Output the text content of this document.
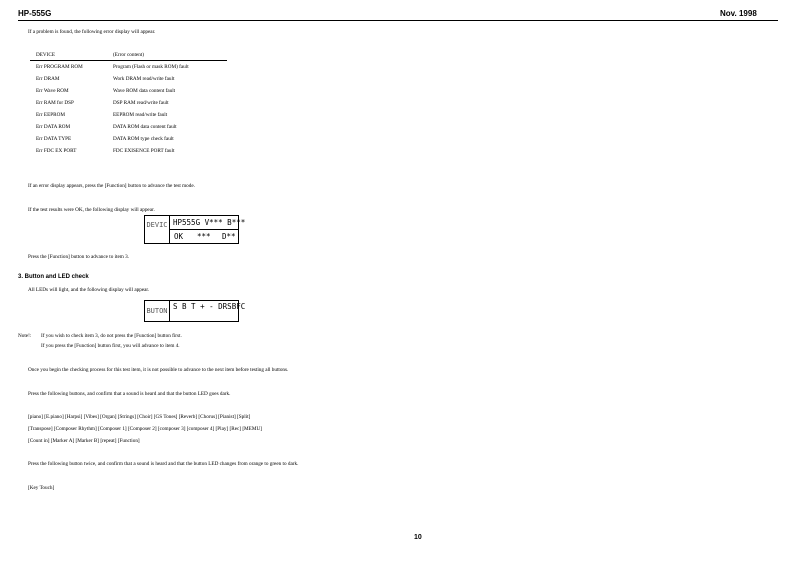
HP-555G	Nov. 1998
If a problem is found, the following error display will appear.
DEVICE	(Error content)
Err PROGRAM ROM	Program (Flash or mask ROM) fault
Err DRAM	Work DRAM read/write fault
Err Wave ROM	Wave ROM data content fault
Err RAM for DSP	DSP RAM read/write fault
Err EEPROM	EEPROM read/write fault
Err DATA ROM	DATA ROM data content fault
Err DATA TYPE	DATA ROM type check fault
Err FDC EX PORT	FDC EXISENCE PORT fault
If an error display appears, press the [Function] button to advance the test mode.
If the test results were OK, the following display will appear.
DEVIC HP555G V*** B***
OK *** D**
Press the [Function] button to advance to item 3.
3. Button and LED check
All LEDs will light, and the following display will appear.
BUTON S B T + - DRSBFC
Note!: If you wish to check item 3, do not press the [Function] button first.
If you press the [Function] button first, you will advance to item 4.
Once you begin the checking process for this test item, it is not possible to advance to the next item before testing all buttons.
Press the following buttons, and confirm that a sound is heard and that the button LED goes dark.
[piano] [E.piano] [Harpsi] [Vibes] [Organ] [Strings] [Choir] [GS Tones] [Reverb] [Chorus] [Pianist] [Split]
[Transpose] [Composer Rhythm] [Composer 1] [Composer 2] [composer 3] [composer 4] [Play] [Rec] [MEMU]
[Count in] [Marker A] [Marker B] [repeat] [Function]
Press the following button twice, and confirm that a sound is heard and that the button LED changes from orange to green to dark.
[Key Touch]
10
